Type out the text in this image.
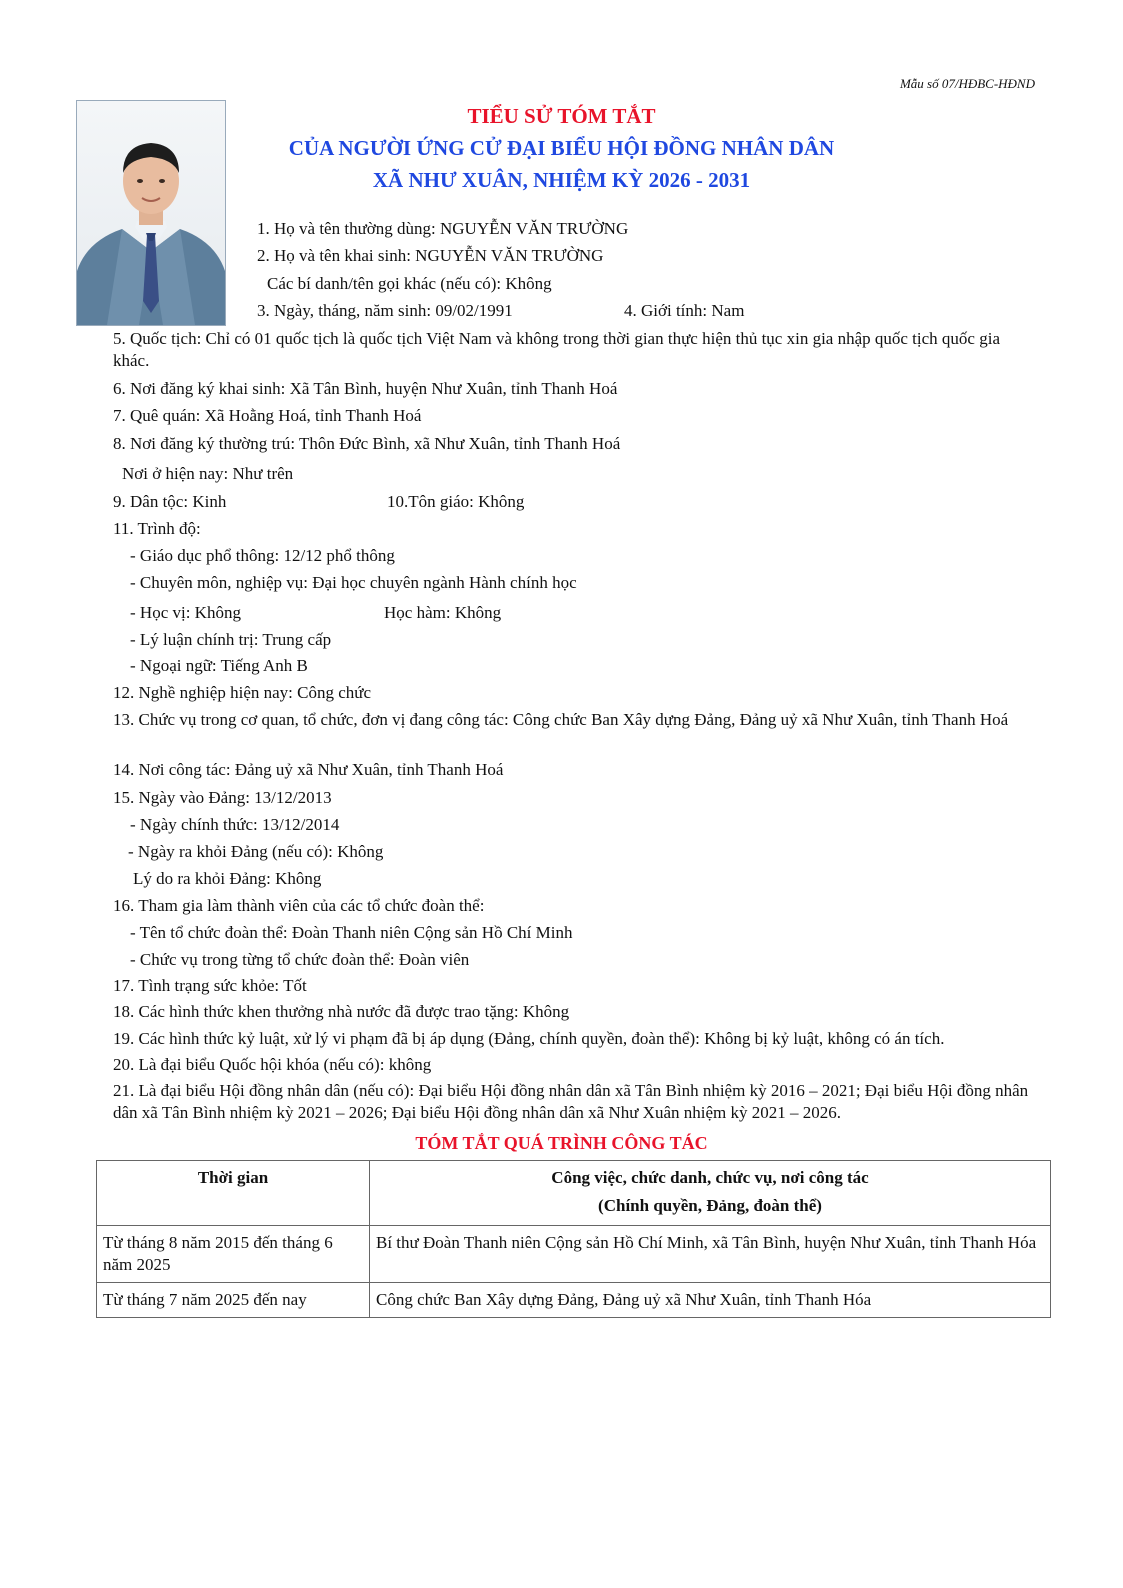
Mẫu số 07/HĐBC-HĐND
TIỂU SỬ TÓM TẮT
CỦA NGƯỜI ỨNG CỬ ĐẠI BIỂU HỘI ĐỒNG NHÂN DÂN
XÃ NHƯ XUÂN, NHIỆM KỲ 2026 - 2031
1. Họ và tên thường dùng: NGUYỄN VĂN TRƯỜNG
2. Họ và tên khai sinh: NGUYỄN VĂN TRƯỜNG
Các bí danh/tên gọi khác (nếu có): Không
3. Ngày, tháng, năm sinh: 09/02/1991	4. Giới tính: Nam
5. Quốc tịch: Chỉ có 01 quốc tịch là quốc tịch Việt Nam và không trong thời gian thực hiện thủ tục xin gia nhập quốc tịch quốc gia khác.
6. Nơi đăng ký khai sinh: Xã Tân Bình, huyện Như Xuân, tỉnh Thanh Hoá
7. Quê quán: Xã Hoằng Hoá, tỉnh Thanh Hoá
8. Nơi đăng ký thường trú: Thôn Đức Bình, xã Như Xuân, tỉnh Thanh Hoá
Nơi ở hiện nay: Như trên
9. Dân tộc: Kinh	10.Tôn giáo: Không
11. Trình độ:
- Giáo dục phổ thông: 12/12 phổ thông
- Chuyên môn, nghiệp vụ: Đại học chuyên ngành Hành chính học
- Học vị: Không	Học hàm: Không
- Lý luận chính trị: Trung cấp
- Ngoại ngữ: Tiếng Anh B
12. Nghề nghiệp hiện nay: Công chức
13. Chức vụ trong cơ quan, tổ chức, đơn vị đang công tác: Công chức Ban Xây dựng Đảng, Đảng uỷ xã Như Xuân, tỉnh Thanh Hoá
14. Nơi công tác: Đảng uỷ xã Như Xuân, tỉnh Thanh Hoá
15. Ngày vào Đảng: 13/12/2013
- Ngày chính thức: 13/12/2014
- Ngày ra khỏi Đảng (nếu có): Không
Lý do ra khỏi Đảng: Không
16. Tham gia làm thành viên của các tổ chức đoàn thể:
- Tên tổ chức đoàn thể: Đoàn Thanh niên Cộng sản Hồ Chí Minh
- Chức vụ trong từng tổ chức đoàn thể: Đoàn viên
17. Tình trạng sức khỏe: Tốt
18. Các hình thức khen thưởng nhà nước đã được trao tặng: Không
19. Các hình thức kỷ luật, xử lý vi phạm đã bị áp dụng (Đảng, chính quyền, đoàn thể): Không bị kỷ luật, không có án tích.
20. Là đại biểu Quốc hội khóa (nếu có): không
21. Là đại biểu Hội đồng nhân dân (nếu có): Đại biểu Hội đồng nhân dân xã Tân Bình nhiệm kỳ 2016 – 2021; Đại biểu Hội đồng nhân dân xã Tân Bình nhiệm kỳ 2021 – 2026; Đại biểu Hội đồng nhân dân xã Như Xuân nhiệm kỳ 2021 – 2026.
TÓM TẮT QUÁ TRÌNH CÔNG TÁC
Thời gian	Công việc, chức danh, chức vụ, nơi công tác
(Chính quyền, Đảng, đoàn thể)

Từ tháng 8 năm 2015 đến tháng 6 năm 2025	Bí thư Đoàn Thanh niên Cộng sản Hồ Chí Minh, xã Tân Bình, huyện Như Xuân, tỉnh Thanh Hóa
Từ tháng 7 năm 2025 đến nay	Công chức Ban Xây dựng Đảng, Đảng uỷ xã Như Xuân, tỉnh Thanh Hóa
